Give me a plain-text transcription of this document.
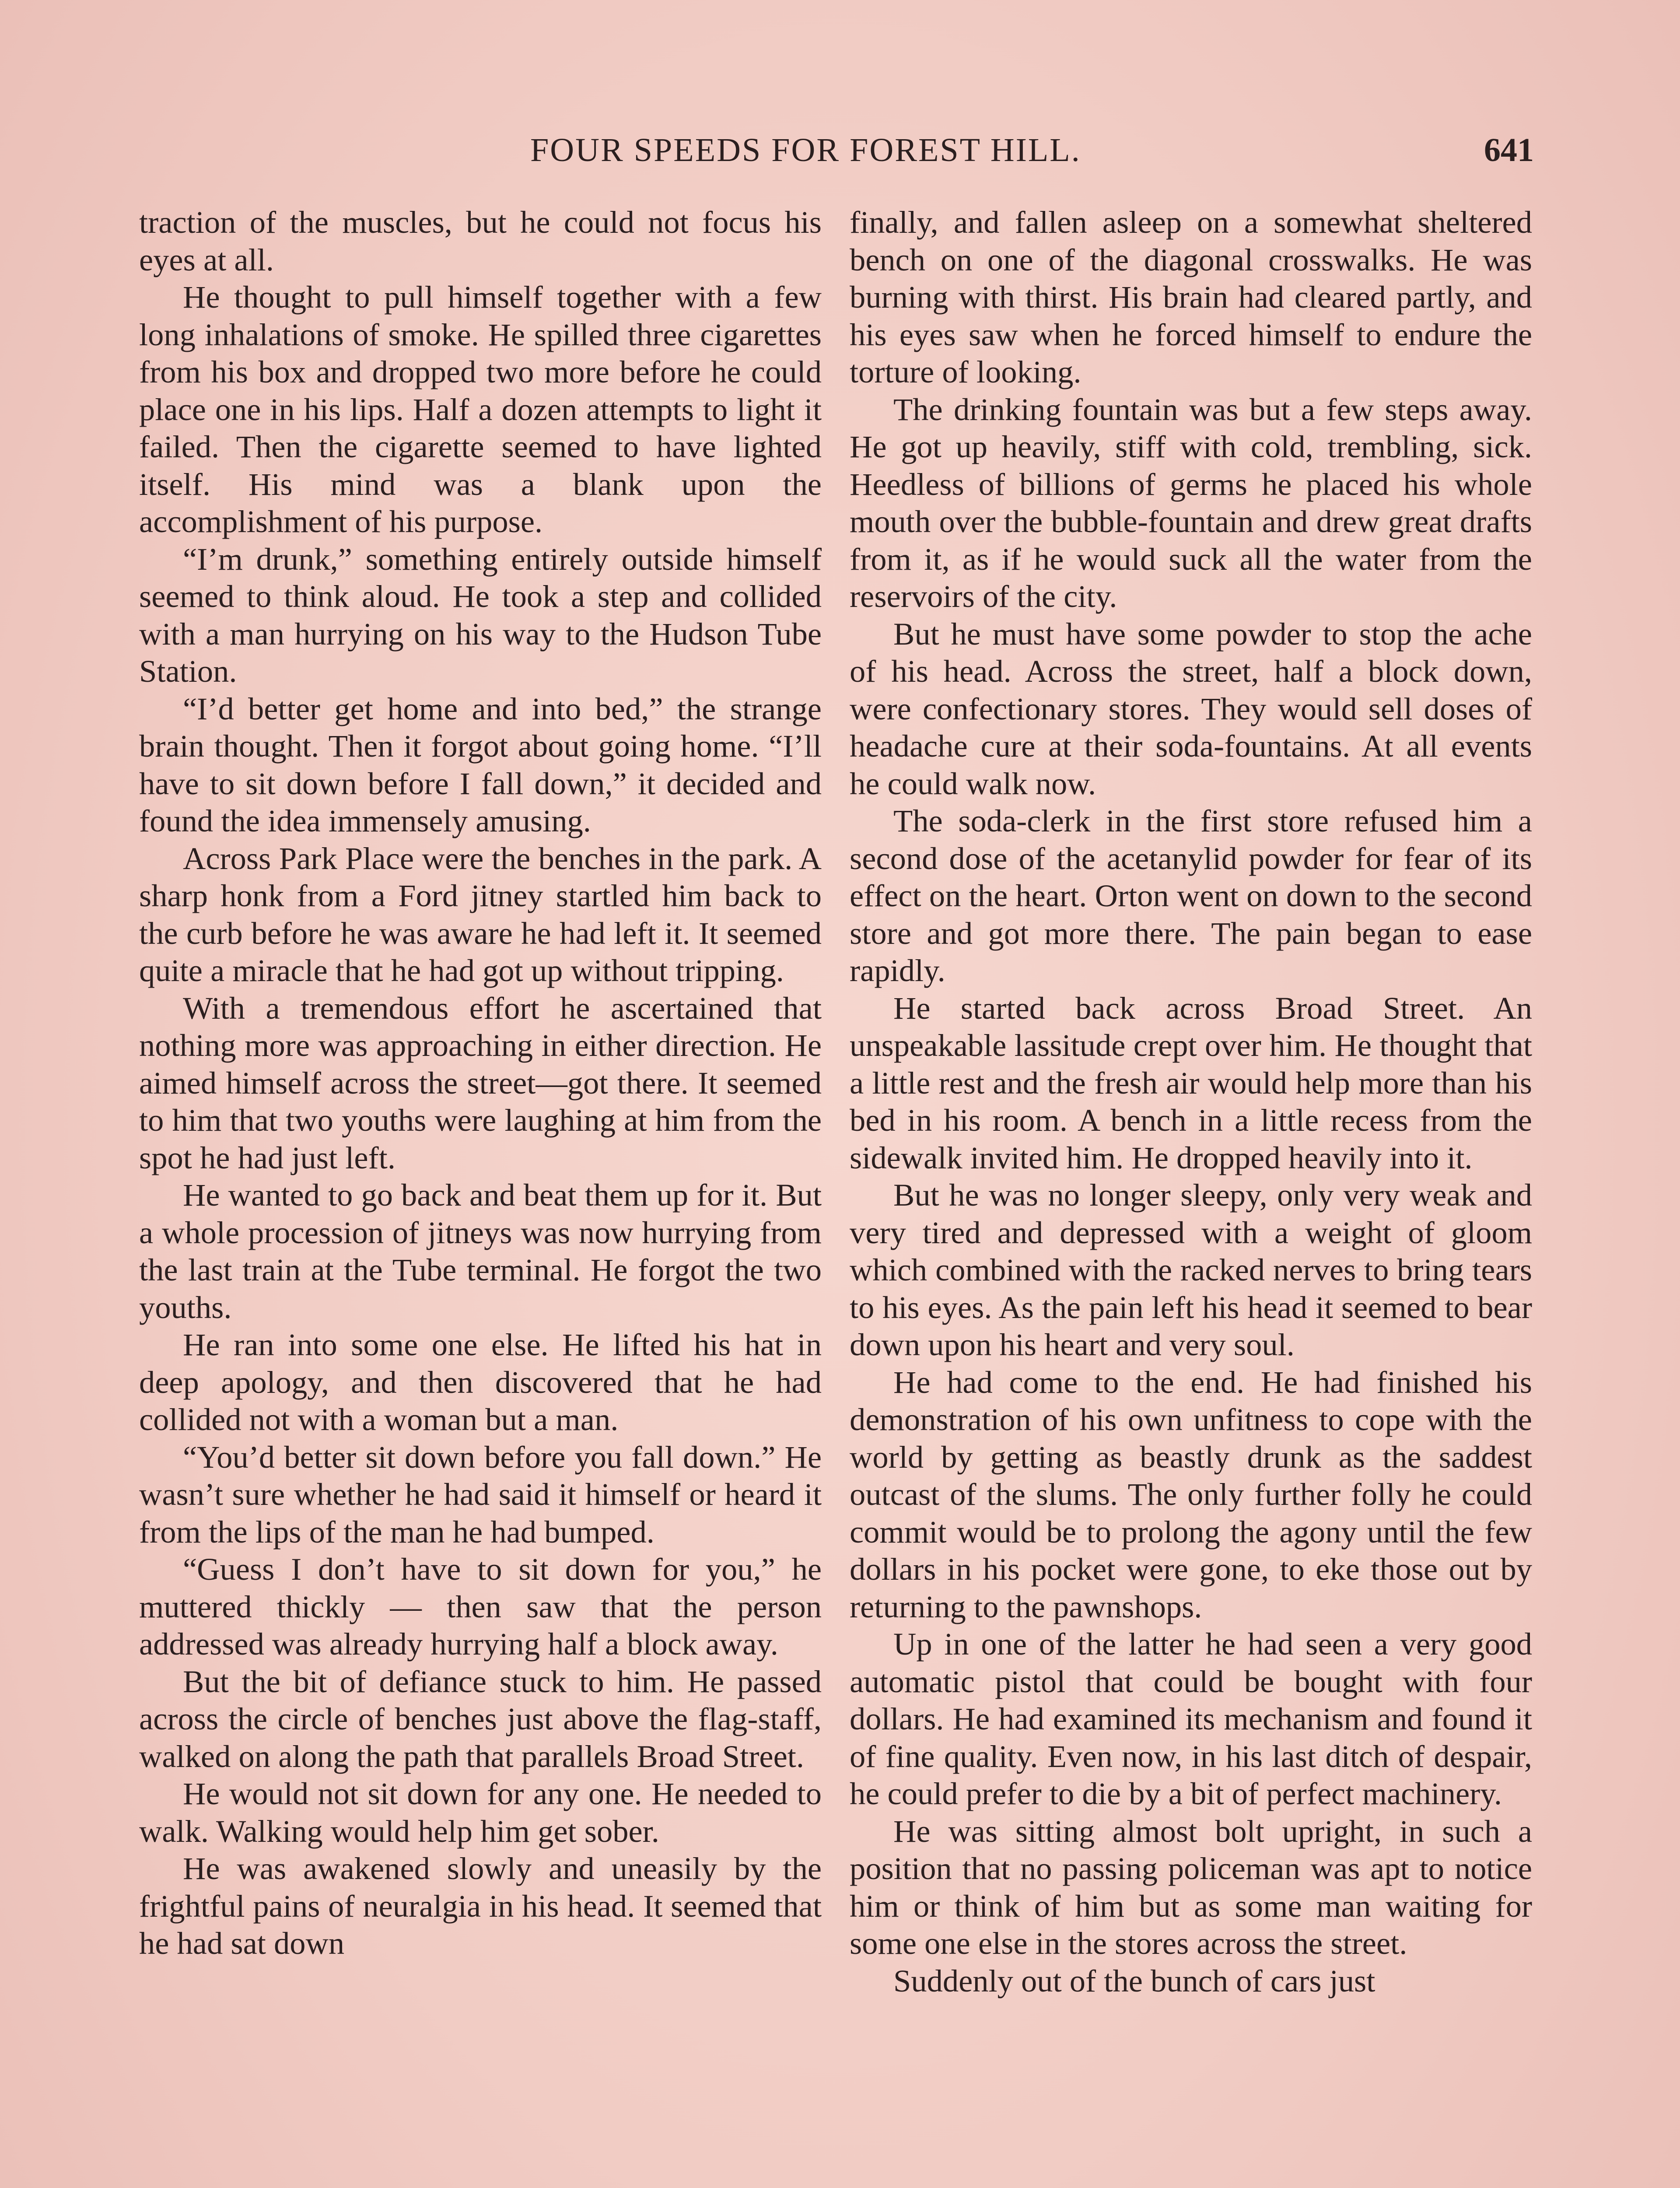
FOUR SPEEDS FOR FOREST HILL.	641

traction of the muscles, but he could not focus his eyes at all.

He thought to pull himself together with a few long inhalations of smoke. He spilled three cigarettes from his box and dropped two more before he could place one in his lips. Half a dozen attempts to light it failed. Then the cigarette seemed to have lighted itself. His mind was a blank upon the accomplishment of his purpose.

“I’m drunk,” something entirely outside himself seemed to think aloud. He took a step and collided with a man hurrying on his way to the Hudson Tube Station.

“I’d better get home and into bed,” the strange brain thought. Then it forgot about going home. “I’ll have to sit down before I fall down,” it decided and found the idea immensely amusing.

Across Park Place were the benches in the park. A sharp honk from a Ford jitney startled him back to the curb before he was aware he had left it. It seemed quite a miracle that he had got up without tripping.

With a tremendous effort he ascertained that nothing more was approaching in either direction. He aimed himself across the street—got there. It seemed to him that two youths were laughing at him from the spot he had just left.

He wanted to go back and beat them up for it. But a whole procession of jitneys was now hurrying from the last train at the Tube terminal. He forgot the two youths.

He ran into some one else. He lifted his hat in deep apology, and then discovered that he had collided not with a woman but a man.

“You’d better sit down before you fall down.” He wasn’t sure whether he had said it himself or heard it from the lips of the man he had bumped.

“Guess I don’t have to sit down for you,” he muttered thickly — then saw that the person addressed was already hurrying half a block away.

But the bit of defiance stuck to him. He passed across the circle of benches just above the flag-staff, walked on along the path that parallels Broad Street.

He would not sit down for any one. He needed to walk. Walking would help him get sober.

He was awakened slowly and uneasily by the frightful pains of neuralgia in his head. It seemed that he had sat down

finally, and fallen asleep on a somewhat sheltered bench on one of the diagonal crosswalks. He was burning with thirst. His brain had cleared partly, and his eyes saw when he forced himself to endure the torture of looking.

The drinking fountain was but a few steps away. He got up heavily, stiff with cold, trembling, sick. Heedless of billions of germs he placed his whole mouth over the bubble-fountain and drew great drafts from it, as if he would suck all the water from the reservoirs of the city.

But he must have some powder to stop the ache of his head. Across the street, half a block down, were confectionary stores. They would sell doses of headache cure at their soda-fountains. At all events he could walk now.

The soda-clerk in the first store refused him a second dose of the acetanylid powder for fear of its effect on the heart. Orton went on down to the second store and got more there. The pain began to ease rapidly.

He started back across Broad Street. An unspeakable lassitude crept over him. He thought that a little rest and the fresh air would help more than his bed in his room. A bench in a little recess from the sidewalk invited him. He dropped heavily into it.

But he was no longer sleepy, only very weak and very tired and depressed with a weight of gloom which combined with the racked nerves to bring tears to his eyes. As the pain left his head it seemed to bear down upon his heart and very soul.

He had come to the end. He had finished his demonstration of his own unfitness to cope with the world by getting as beastly drunk as the saddest outcast of the slums. The only further folly he could commit would be to prolong the agony until the few dollars in his pocket were gone, to eke those out by returning to the pawnshops.

Up in one of the latter he had seen a very good automatic pistol that could be bought with four dollars. He had examined its mechanism and found it of fine quality. Even now, in his last ditch of despair, he could prefer to die by a bit of perfect machinery.

He was sitting almost bolt upright, in such a position that no passing policeman was apt to notice him or think of him but as some man waiting for some one else in the stores across the street.

Suddenly out of the bunch of cars just
